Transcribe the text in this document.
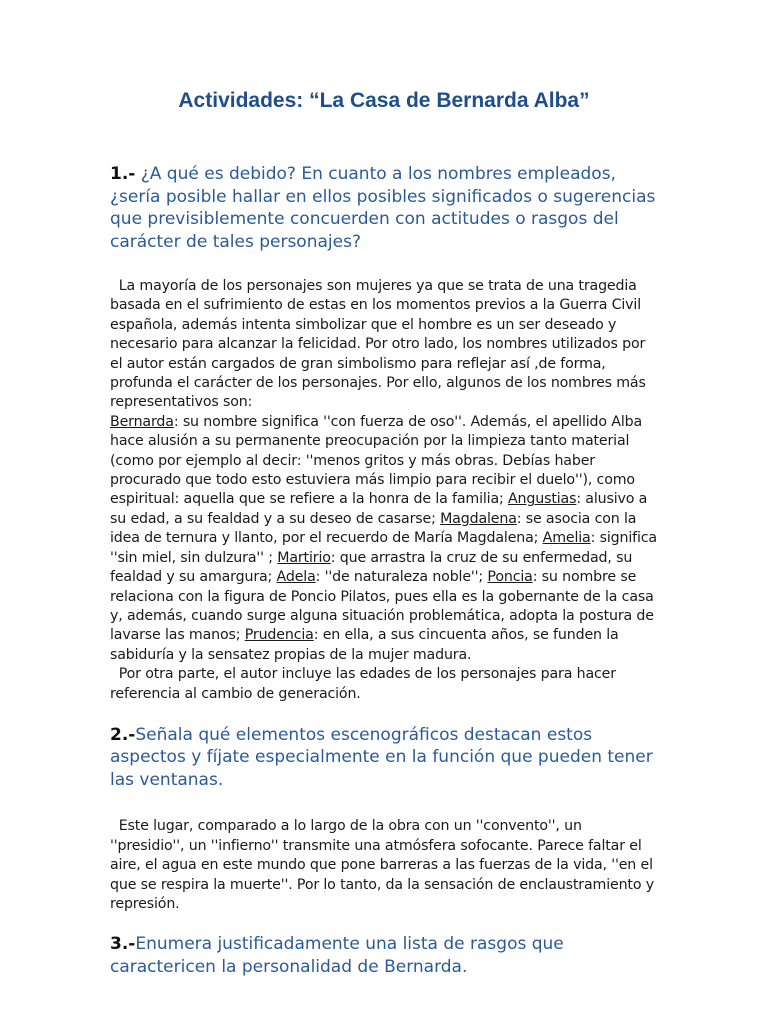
Actividades: “La Casa de Bernarda Alba”

1.- ¿A qué es debido? En cuanto a los nombres empleados, ¿sería posible hallar en ellos posibles significados o sugerencias que previsiblemente concuerden con actitudes o rasgos del carácter de tales personajes?

La mayoría de los personajes son mujeres ya que se trata de una tragedia basada en el sufrimiento de estas en los momentos previos a la Guerra Civil española, además intenta simbolizar que el hombre es un ser deseado y necesario para alcanzar la felicidad. Por otro lado, los nombres utilizados por el autor están cargados de gran simbolismo para reflejar así ,de forma, profunda el carácter de los personajes. Por ello, algunos de los nombres más representativos son:
Bernarda: su nombre significa ''con fuerza de oso''. Además, el apellido Alba hace alusión a su permanente preocupación por la limpieza tanto material (como por ejemplo al decir: ''menos gritos y más obras. Debías haber procurado que todo esto estuviera más limpio para recibir el duelo''), como espiritual: aquella que se refiere a la honra de la familia; Angustias: alusivo a su edad, a su fealdad y a su deseo de casarse; Magdalena: se asocia con la idea de ternura y llanto, por el recuerdo de María Magdalena; Amelia: significa ''sin miel, sin dulzura'' ; Martirio: que arrastra la cruz de su enfermedad, su fealdad y su amargura; Adela: ''de naturaleza noble''; Poncia: su nombre se relaciona con la figura de Poncio Pilatos, pues ella es la gobernante de la casa y, además, cuando surge alguna situación problemática, adopta la postura de lavarse las manos; Prudencia: en ella, a sus cincuenta años, se funden la sabiduría y la sensatez propias de la mujer madura.
Por otra parte, el autor incluye las edades de los personajes para hacer referencia al cambio de generación.

2.-Señala qué elementos escenográficos destacan estos aspectos y fíjate especialmente en la función que pueden tener las ventanas.

Este lugar, comparado a lo largo de la obra con un ''convento'', un ''presidio'', un ''infierno'' transmite una atmósfera sofocante. Parece faltar el aire, el agua en este mundo que pone barreras a las fuerzas de la vida, ''en el que se respira la muerte''. Por lo tanto, da la sensación de enclaustramiento y represión.

3.-Enumera justificadamente una lista de rasgos que caractericen la personalidad de Bernarda.
